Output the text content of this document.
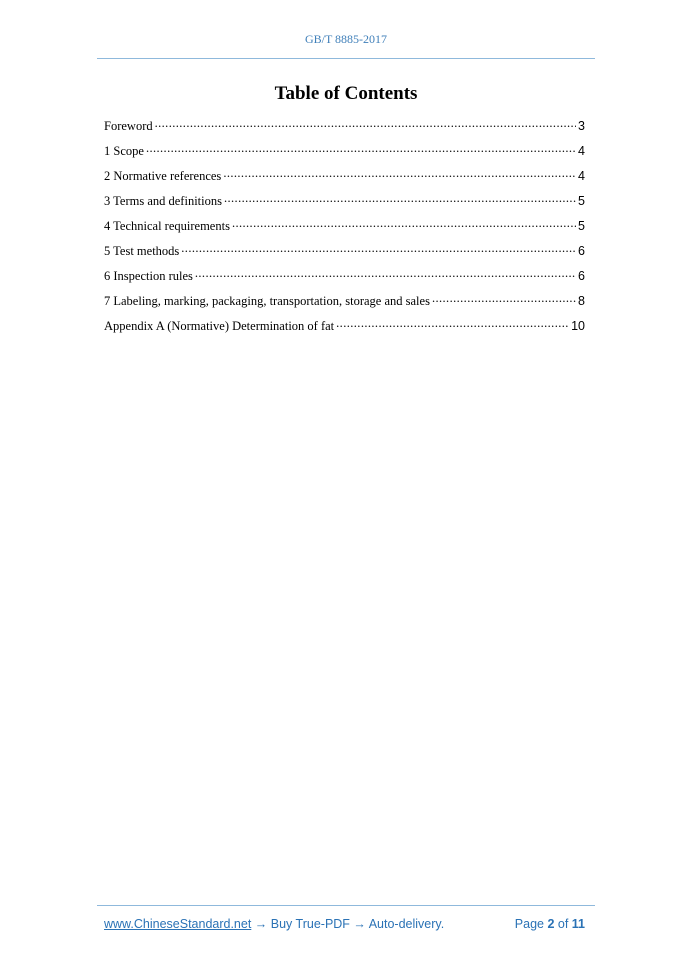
GB/T 8885-2017
Table of Contents
Foreword .....	3
1 Scope .....	4
2 Normative references .....	4
3 Terms and definitions .....	5
4 Technical requirements .....	5
5 Test methods .....	6
6 Inspection rules .....	6
7 Labeling, marking, packaging, transportation, storage and sales .....	8
Appendix A (Normative) Determination of fat .....	10
www.ChineseStandard.net → Buy True-PDF → Auto-delivery.	Page 2 of 11
